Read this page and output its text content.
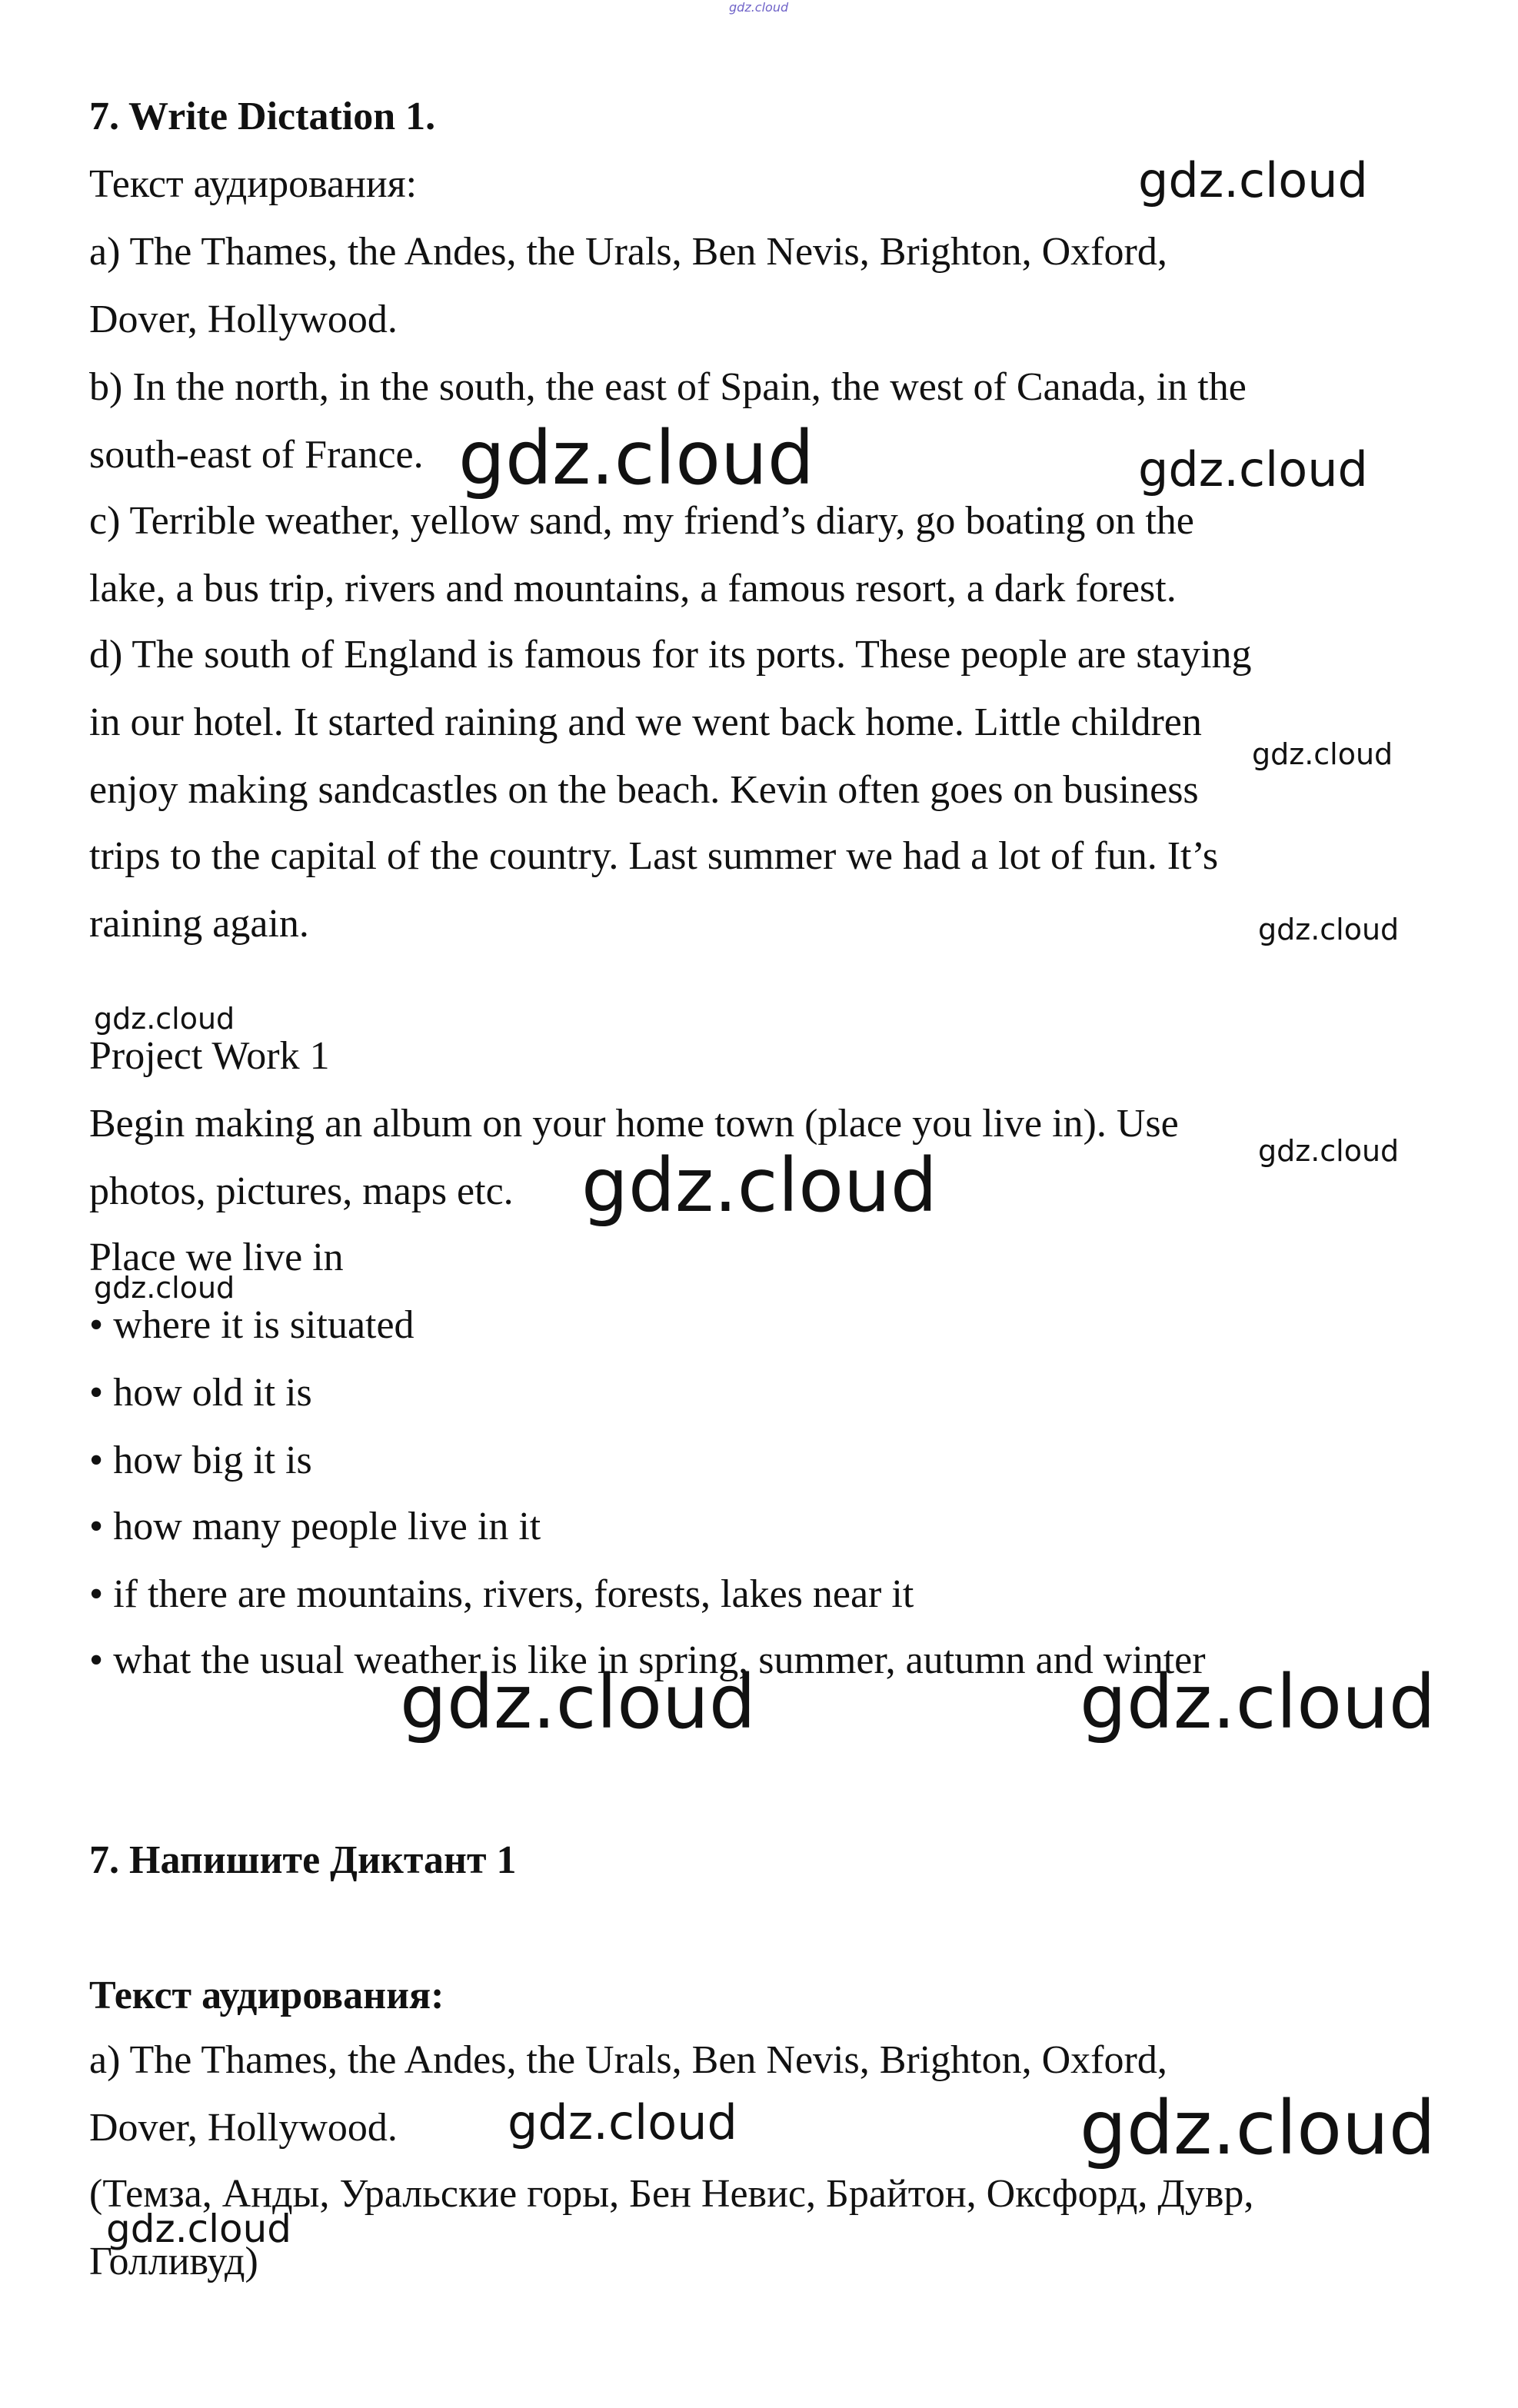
gdz.cloud
7. Write Dictation 1.
Текст аудирования:
a) The Thames, the Andes, the Urals, Ben Nevis, Brighton, Oxford,
Dover, Hollywood.
b) In the north, in the south, the east of Spain, the west of Canada, in the
south-east of France.
c) Terrible weather, yellow sand, my friend’s diary, go boating on the
lake, a bus trip, rivers and mountains, a famous resort, a dark forest.
d) The south of England is famous for its ports. These people are staying
in our hotel. It started raining and we went back home. Little children
enjoy making sandcastles on the beach. Kevin often goes on business
trips to the capital of the country. Last summer we had a lot of fun. It’s
raining again.
Project Work 1
Begin making an album on your home town (place you live in). Use
photos, pictures, maps etc.
Place we live in
• where it is situated
• how old it is
• how big it is
• how many people live in it
• if there are mountains, rivers, forests, lakes near it
• what the usual weather is like in spring, summer, autumn and winter
7. Напишите Диктант 1
Текст аудирования:
a) The Thames, the Andes, the Urals, Ben Nevis, Brighton, Oxford,
Dover, Hollywood.
(Темза, Анды, Уральские горы, Бен Невис, Брайтон, Оксфорд, Дувр,
Голливуд)
gdz.cloud
gdz.cloud	gdz.cloud
gdz.cloud
gdz.cloud
gdz.cloud
gdz.cloud
gdz.cloud
gdz.cloud
gdz.cloud	gdz.cloud
gdz.cloud	gdz.cloud
gdz.cloud
